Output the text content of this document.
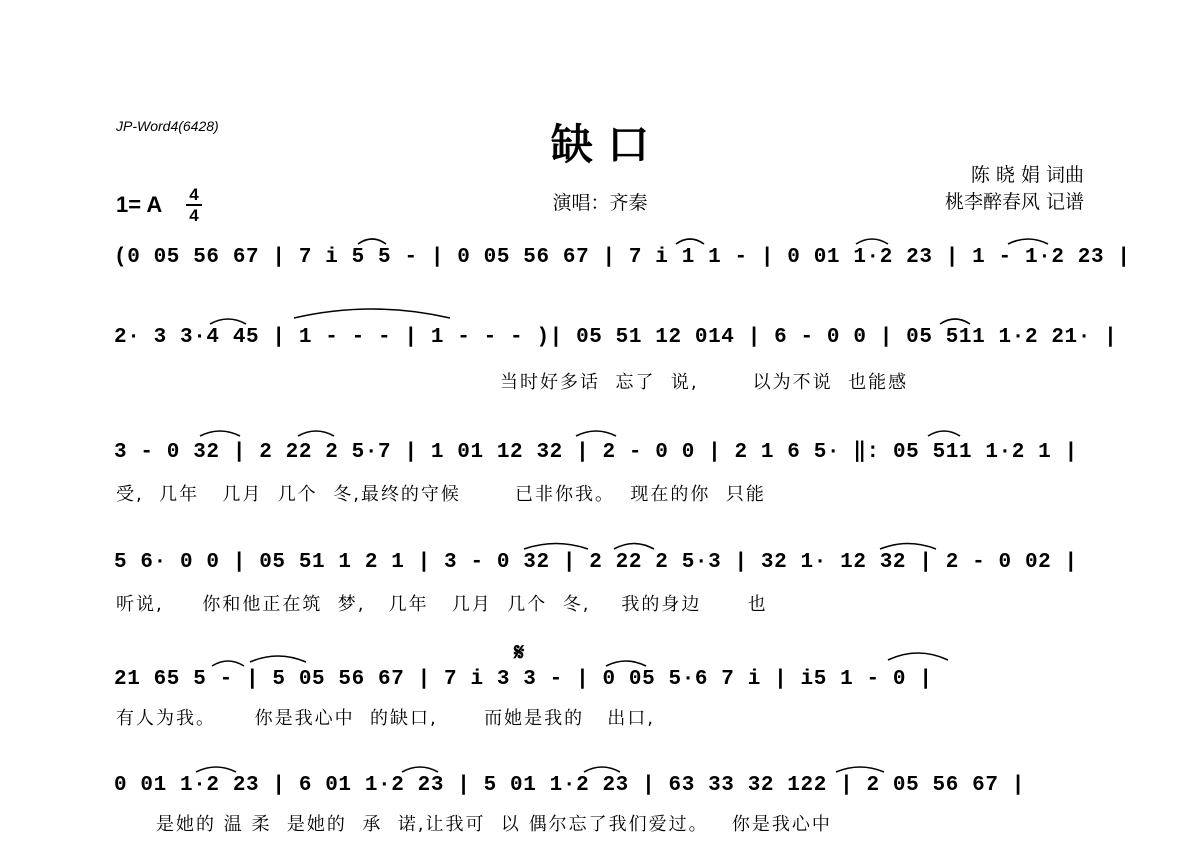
JP-Word4(6428)	缺 口
陈 晓 娟 词曲
桃李醉春风 记谱
演唱：齐秦
1= A	4
4
(0 05 56 67 | 7 i 5 5 - | 0 05 56 67 | 7 i 1 1 - | 0 01 1·2 23 | 1 - 1·2 23 |
2· 3 3·4 45 | 1 - - - | 1 - - - )| 05 51 12 014 | 6 - 0 0 | 05 511 1·2 21· |
当时好多话  忘了  说,       以为不说  也能感
3 - 0 32 | 2 22 2 5·7 | 1 01 12 32 | 2 - 0 0 | 2 1 6 5· ‖: 05 511 1·2 1 |
受,  几年   几月  几个  冬,最终的守候       已非你我。  现在的你  只能
5 6· 0 0 | 05 51 1 2 1 | 3 - 0 32 | 2 22 2 5·3 | 32 1· 12 32 | 2 - 0 02 |
听说,     你和他正在筑  梦,   几年   几月  几个  冬,    我的身边      也
𝄋
21 65 5 - | 5 05 56 67 | 7 i 3 3 - | 0 05 5·6 7 i | i5 1 - 0 |
有人为我。     你是我心中  的缺口,      而她是我的   出口,
0 01 1·2 23 | 6 01 1·2 23 | 5 01 1·2 23 | 63 33 32 122 | 2 05 56 67 |
是她的 温 柔  是她的  承  诺,让我可  以 偶尔忘了我们爱过。   你是我心中
